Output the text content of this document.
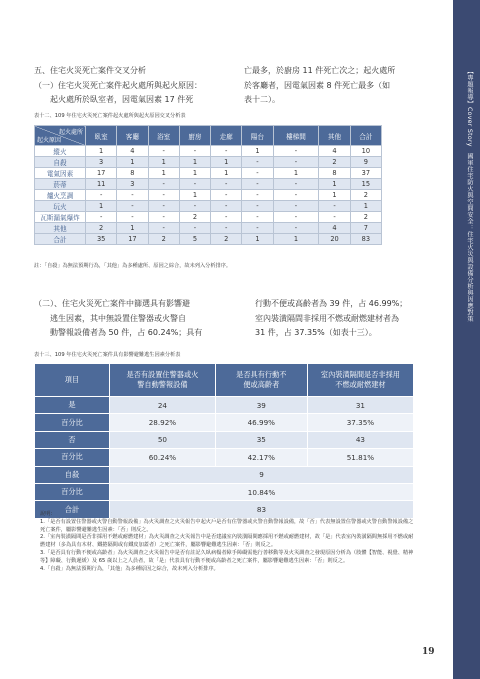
【專題報導】Cover Story　國軍住宅防火與空間安全：住宅火災與設備分析與因應對策

五、住宅火災死亡案件交叉分析

（一）住宅火災死亡案件起火處所與起火原因：

起火處所於臥室者，因電氣因素 17 件死

亡最多，於廚房 11 件死亡次之；起火處所

於客廳者，因電氣因素 8 件死亡最多（如

表十二）。

表十二、109 年住宅火災死亡案件起火處所與起火原因交叉分析表
起火處所
起火原因	臥室	客廳	浴室	廚房	走廊	陽台	樓梯間	其他	合計
縱火	1	4	-	-	-	1	-	4	10
自殺	3	1	1	1	1	-	-	2	9
電氣因素	17	8	1	1	1	-	1	8	37
菸蒂	11	3	-	-	-	-	-	1	15
爐火烹調	-	-	-	1	-	-	-	1	2
玩火	1	-	-	-	-	-	-	-	1
瓦斯漏氣爆炸	-	-	-	2	-	-	-	-	2
其他	2	1	-	-	-	-	-	4	7
合計	35	17	2	5	2	1	1	20	83
註：「自殺」為無法預期行為，「其他」為多種處所、原因之綜合，故未列入分析排序。

（二）、住宅火災死亡案件中篩選具有影響避

逃生因素，其中無設置住警器或火警自

動警報設備者為 50 件，占 60.24%；具有

行動不便或高齡者為 39 件，占 46.99%；

室內裝潢隔間非採用不燃或耐燃建材者為

31 件，占 37.35%（如表十三）。

表十三、109 年住宅火災死亡案件具有影響避難逃生因素分析表
項目	是否有設置住警器或火警自動警報設備	是否具有行動不便或高齡者	室內裝潢隔間是否非採用不燃或耐燃建材
是	24	39	31
百分比	28.92%	46.99%	37.35%
否	50	35	43
百分比	60.24%	42.17%	51.81%
自殺	9		
百分比	10.84%		
合計	83		

說明：

1.「是否有設置住警器或火警自動警報設備」為火災調查之火災報告中起火戶是否有住警器或火警自動警報設備，故「否」代表無設置住警器或火警自動警報設備之死亡案件，屬影響避難逃生因素：「否」則反之。

2.「室內裝潢隔間是否非採用不燃或耐燃建材」為火災調查之火災報告中是否建議室內裝潢隔間應採用不燃或耐燃建材，故「是」代表室內裝潢隔間無採用不燃或耐燃建材（多為具有木材、鐵捲隔間或有鐵皮加蓋者）之死亡案件，屬影響避難逃生因素：「否」則反之。

3.「是否具有行動不便或高齡者」為火災調查之火災報告中是否有註記久臥病榻者障手障礙需他行善移動等及火災調查之發現原因分析為（肢體【智能、視覺、精神等】障礙、行動遲緩）及 65 歲以上之人員者，故「是」代表具有行動不便或高齡者之死亡案件，屬影響避難逃生因素：「否」則反之。

4.「自殺」為無法預期行為，「其他」為多種原因之綜合，故未列入分析排序。

19
